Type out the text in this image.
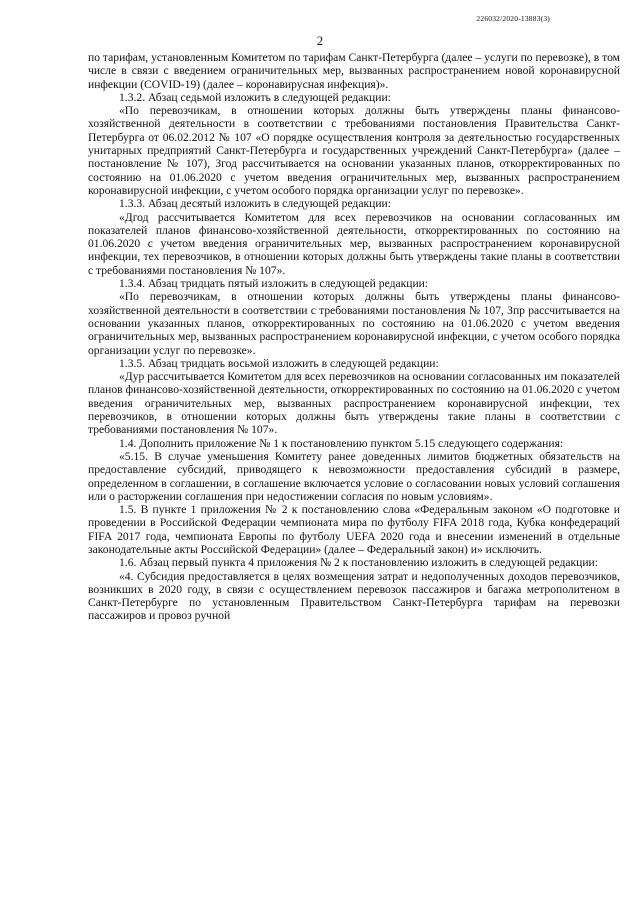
226032/2020-13883(3)
2

по тарифам, установленным Комитетом по тарифам Санкт-Петербурга (далее – услуги по перевозке), в том числе в связи с введением ограничительных мер, вызванных распространением новой коронавирусной инфекции (COVID-19) (далее – коронавирусная инфекция)».

1.3.2. Абзац седьмой изложить в следующей редакции:

«По перевозчикам, в отношении которых должны быть утверждены планы финансово-хозяйственной деятельности в соответствии с требованиями постановления Правительства Санкт-Петербурга от 06.02.2012 № 107 «О порядке осуществления контроля за деятельностью государственных унитарных предприятий Санкт-Петербурга и государственных учреждений Санкт-Петербурга» (далее – постановление № 107), Згод рассчитывается на основании указанных планов, откорректированных по состоянию на 01.06.2020 с учетом введения ограничительных мер, вызванных распространением коронавирусной инфекции, с учетом особого порядка организации услуг по перевозке».

1.3.3. Абзац десятый изложить в следующей редакции:

«Дгод рассчитывается Комитетом для всех перевозчиков на основании согласованных им показателей планов финансово-хозяйственной деятельности, откорректированных по состоянию на 01.06.2020 с учетом введения ограничительных мер, вызванных распространением коронавирусной инфекции, тех перевозчиков, в отношении которых должны быть утверждены такие планы в соответствии с требованиями постановления № 107».

1.3.4. Абзац тридцать пятый изложить в следующей редакции:

«По перевозчикам, в отношении которых должны быть утверждены планы финансово-хозяйственной деятельности в соответствии с требованиями постановления № 107, Зпр рассчитывается на основании указанных планов, откорректированных по состоянию на 01.06.2020 с учетом введения ограничительных мер, вызванных распространением коронавирусной инфекции, с учетом особого порядка организации услуг по перевозке».

1.3.5. Абзац тридцать восьмой изложить в следующей редакции:

«Дур рассчитывается Комитетом для всех перевозчиков на основании согласованных им показателей планов финансово-хозяйственной деятельности, откорректированных по состоянию на 01.06.2020 с учетом введения ограничительных мер, вызванных распространением коронавирусной инфекции, тех перевозчиков, в отношении которых должны быть утверждены такие планы в соответствии с требованиями постановления № 107».

1.4. Дополнить приложение № 1 к постановлению пунктом 5.15 следующего содержания:

«5.15. В случае уменьшения Комитету ранее доведенных лимитов бюджетных обязательств на предоставление субсидий, приводящего к невозможности предоставления субсидий в размере, определенном в соглашении, в соглашение включается условие о согласовании новых условий соглашения или о расторжении соглашения при недостижении согласия по новым условиям».

1.5. В пункте 1 приложения № 2 к постановлению слова «Федеральным законом «О подготовке и проведении в Российской Федерации чемпионата мира по футболу FIFA 2018 года, Кубка конфедераций FIFA 2017 года, чемпионата Европы по футболу UEFA 2020 года и внесении изменений в отдельные законодательные акты Российской Федерации» (далее – Федеральный закон) и» исключить.

1.6. Абзац первый пункта 4 приложения № 2 к постановлению изложить в следующей редакции:

«4. Субсидия предоставляется в целях возмещения затрат и недополученных доходов перевозчиков, возникших в 2020 году, в связи с осуществлением перевозок пассажиров и багажа метрополитеном в Санкт-Петербурге по установленным Правительством Санкт-Петербурга тарифам на перевозки пассажиров и провоз ручной
